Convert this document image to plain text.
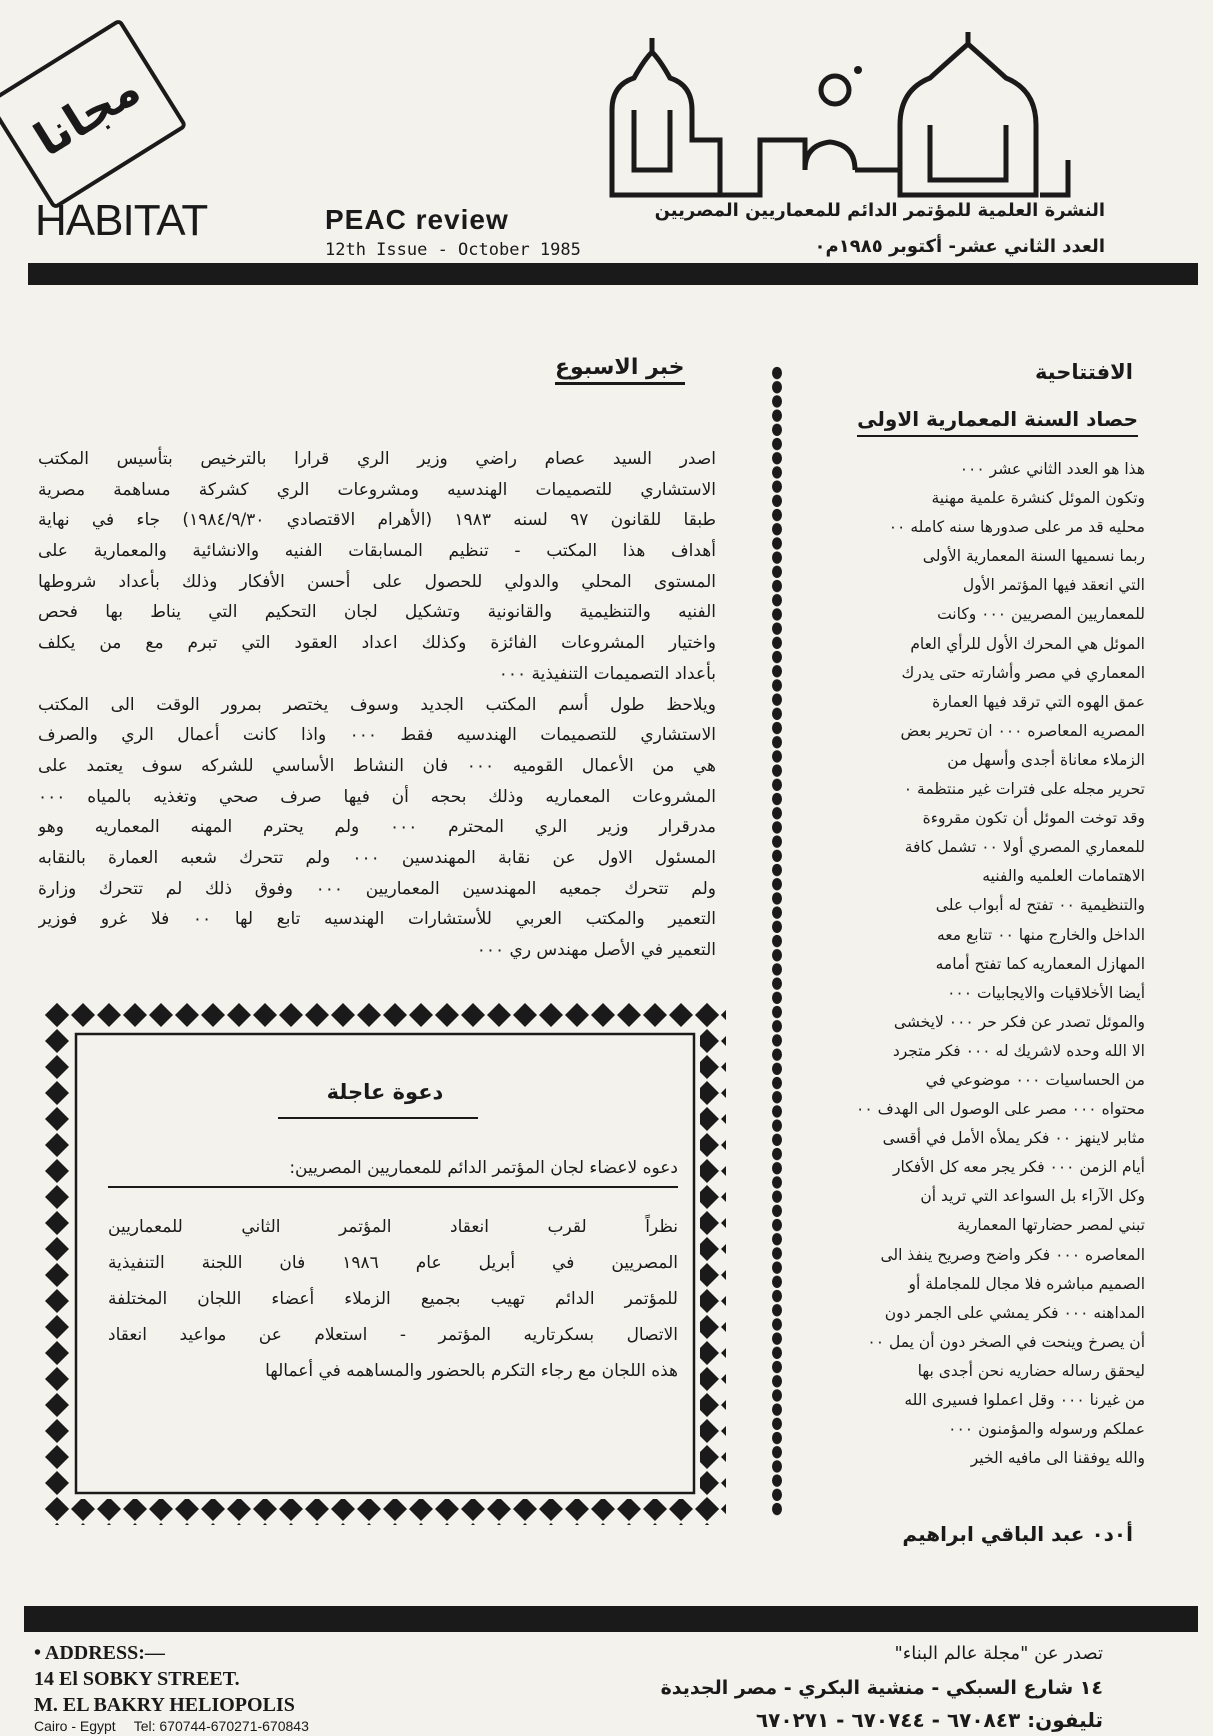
مجانا
HABITAT	PEAC review
12th Issue - October 1985
النشرة العلمية للمؤتمر الدائم للمعماريين المصريين
العدد الثاني عشر- أكتوبر ١٩٨٥م٠
الافتتاحية
حصاد السنة المعمارية الاولى
هذا هو العدد الثاني عشر ٠٠٠
وتكون الموئل كنشرة علمية مهنية
محليه قد مر على صدورها سنه كامله ٠٠
ربما نسميها السنة المعمارية الأولى
التي انعقد فيها المؤتمر الأول
للمعماريين المصريين ٠٠٠ وكانت
الموئل هي المحرك الأول للرأي العام
المعماري في مصر وأشارته حتى يدرك
عمق الهوه التي ترقد فيها العمارة
المصريه المعاصره ٠٠٠ ان تحرير بعض
الزملاء معاناة أجدى وأسهل من
تحرير مجله على فترات غير منتظمة ٠
وقد توخت الموئل أن تكون مقروءة
للمعماري المصري أولا ٠٠ تشمل كافة
الاهتمامات العلميه والفنيه
والتنظيمية ٠٠ تفتح له أبواب على
الداخل والخارج منها ٠٠ تتابع معه
المهازل المعماريه كما تفتح أمامه
أيضا الأخلاقيات والايجابيات ٠٠٠
والموئل تصدر عن فكر حر ٠٠٠ لايخشى
الا الله وحده لاشريك له ٠٠٠ فكر متجرد
من الحساسيات ٠٠٠ موضوعي في
محتواه ٠٠٠ مصر على الوصول الى الهدف ٠٠
مثابر لاينهز ٠٠ فكر يملأه الأمل في أقسى
أيام الزمن ٠٠٠ فكر يجر معه كل الأفكار
وكل الآراء بل السواعد التي تريد أن
تبني لمصر حضارتها المعمارية
المعاصره ٠٠٠ فكر واضح وصريح ينفذ الى
الصميم مباشره فلا مجال للمجاملة أو
المداهنه ٠٠٠ فكر يمشي على الجمر دون
أن يصرخ وينحت في الصخر دون أن يمل ٠٠
ليحقق رساله حضاريه نحن أجدى بها
من غيرنا ٠٠٠ وقل اعملوا فسيرى الله
عملكم ورسوله والمؤمنون ٠٠٠
والله يوفقنا الى مافيه الخير
أ٠د٠ عبد الباقي ابراهيم
خبر الاسبوع
اصدر السيد عصام راضي وزير الري قرارا بالترخيص بتأسيس المكتب
الاستشاري للتصميمات الهندسيه ومشروعات الري كشركة مساهمة مصرية
طبقا للقانون ٩٧ لسنه ١٩٨٣ (الأهرام الاقتصادي ١٩٨٤/٩/٣٠) جاء في نهاية
أهداف هذا المكتب - تنظيم المسابقات الفنيه والانشائية والمعمارية على
المستوى المحلي والدولي للحصول على أحسن الأفكار وذلك بأعداد شروطها
الفنيه والتنظيمية والقانونية وتشكيل لجان التحكيم التي يناط بها فحص
واختيار المشروعات الفائزة وكذلك اعداد العقود التي تبرم مع من يكلف
بأعداد التصميمات التنفيذية ٠٠٠
ويلاحظ طول أسم المكتب الجديد وسوف يختصر بمرور الوقت الى المكتب
الاستشاري للتصميمات الهندسيه فقط ٠٠٠ واذا كانت أعمال الري والصرف
هي من الأعمال القوميه ٠٠٠ فان النشاط الأساسي للشركه سوف يعتمد على
المشروعات المعماريه وذلك بحجه أن فيها صرف صحي وتغذيه بالمياه ٠٠٠
مدرقرار وزير الري المحترم ٠٠٠ ولم يحترم المهنه المعماريه وهو
المسئول الاول عن نقابة المهندسين ٠٠٠ ولم تتحرك شعبه العمارة بالنقابه
ولم تتحرك جمعيه المهندسين المعماريين ٠٠٠ وفوق ذلك لم تتحرك وزارة
التعمير والمكتب العربي للأستشارات الهندسيه تابع لها ٠٠ فلا غرو فوزير
التعمير في الأصل مهندس ري ٠٠٠
دعوة عاجلة
دعوه لاعضاء لجان المؤتمر الدائم للمعماريين المصريين:
نظراً لقرب انعقاد المؤتمر الثاني للمعماريين
المصريين في أبريل عام ١٩٨٦ فان اللجنة التنفيذية
للمؤتمر الدائم تهيب بجميع الزملاء أعضاء اللجان المختلفة
الاتصال بسكرتاريه المؤتمر - استعلام عن مواعيد انعقاد
هذه اللجان مع رجاء التكرم بالحضور والمساهمه في أعمالها
• ADDRESS:—
14 El SOBKY STREET.
M. EL BAKRY HELIOPOLIS
Cairo - Egypt Tel: 670744-670271-670843
تصدر عن "مجلة عالم البناء"
١٤ شارع السبكي - منشية البكري - مصر الجديدة
تليفون: ٦٧٠٨٤٣ - ٦٧٠٧٤٤ - ٦٧٠٢٧١
